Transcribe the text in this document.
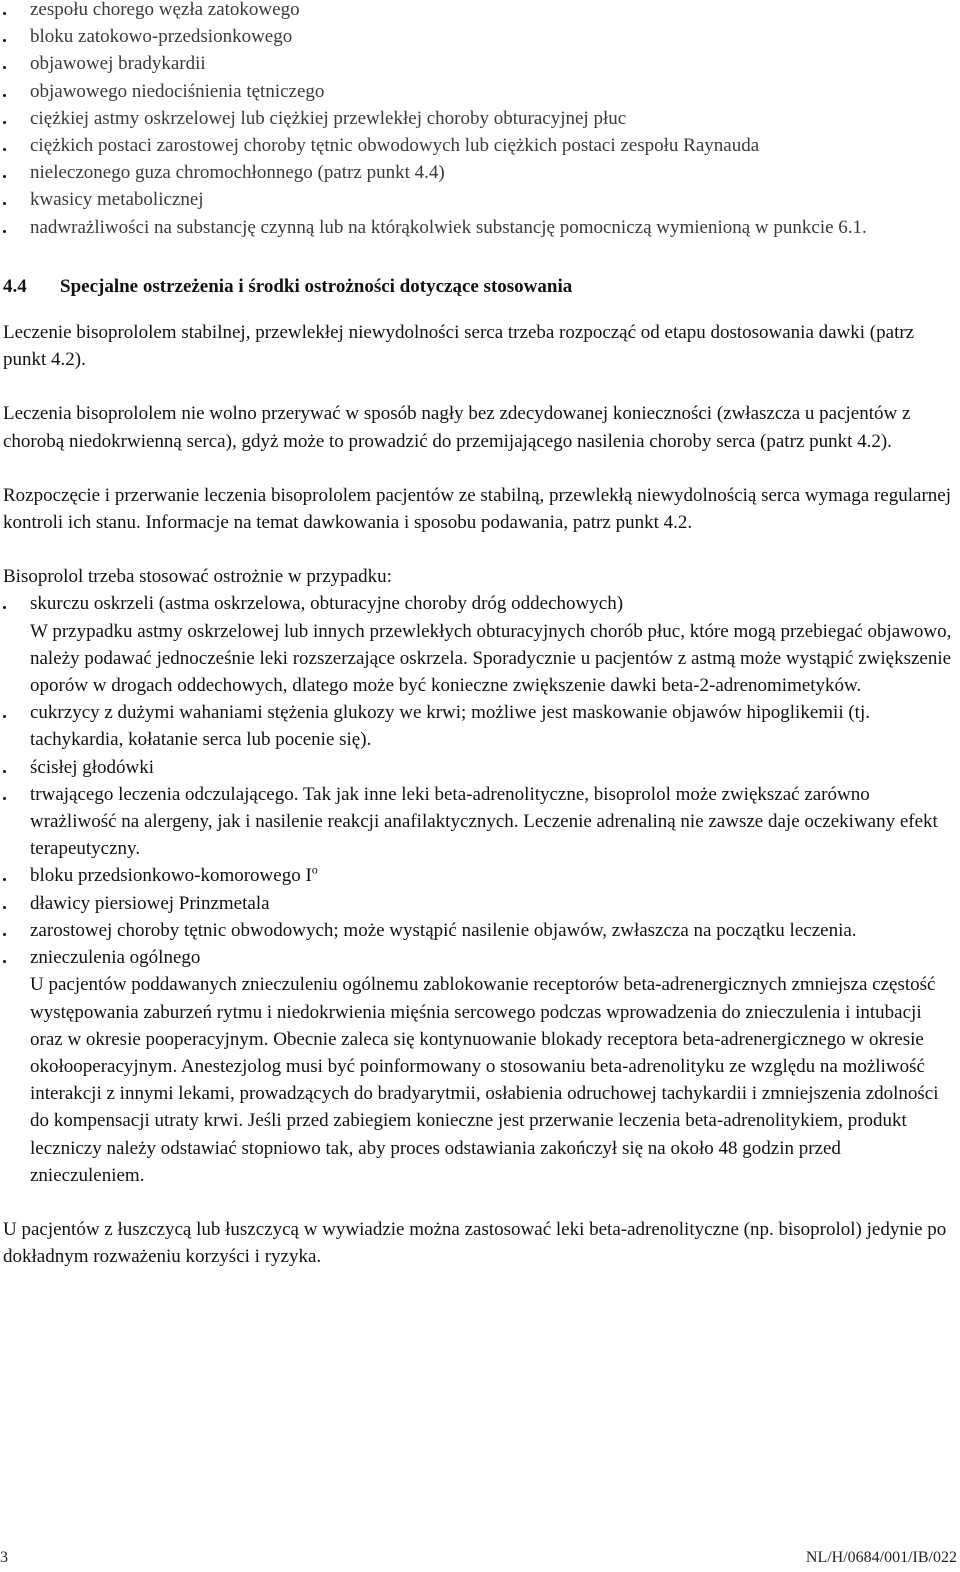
zespołu chorego węzła zatokowego
bloku zatokowo-przedsionkowego
objawowej bradykardii
objawowego niedociśnienia tętniczego
ciężkiej astmy oskrzelowej lub ciężkiej przewlekłej choroby obturacyjnej płuc
ciężkich postaci zarostowej choroby tętnic obwodowych lub ciężkich postaci zespołu Raynauda
nieleczonego guza chromochłonnego (patrz punkt 4.4)
kwasicy metabolicznej
nadwrażliwości na substancję czynną lub na którąkolwiek substancję pomocniczą wymienioną w punkcie 6.1.
4.4	Specjalne ostrzeżenia i środki ostrożności dotyczące stosowania

Leczenie bisoprololem stabilnej, przewlekłej niewydolności serca trzeba rozpocząć od etapu dostosowania dawki (patrz punkt 4.2).

Leczenia bisoprololem nie wolno przerywać w sposób nagły bez zdecydowanej konieczności (zwłaszcza u pacjentów z chorobą niedokrwienną serca), gdyż może to prowadzić do przemijającego nasilenia choroby serca (patrz punkt 4.2).

Rozpoczęcie i przerwanie leczenia bisoprololem pacjentów ze stabilną, przewlekłą niewydolnością serca wymaga regularnej kontroli ich stanu. Informacje na temat dawkowania i sposobu podawania, patrz punkt 4.2.

Bisoprolol trzeba stosować ostrożnie w przypadku:

skurczu oskrzeli (astma oskrzelowa, obturacyjne choroby dróg oddechowych)
W przypadku astmy oskrzelowej lub innych przewlekłych obturacyjnych chorób płuc, które mogą przebiegać objawowo, należy podawać jednocześnie leki rozszerzające oskrzela. Sporadycznie u pacjentów z astmą może wystąpić zwiększenie oporów w drogach oddechowych, dlatego może być konieczne zwiększenie dawki beta-2-adrenomimetyków.
cukrzycy z dużymi wahaniami stężenia glukozy we krwi; możliwe jest maskowanie objawów hipoglikemii (tj. tachykardia, kołatanie serca lub pocenie się).
ścisłej głodówki
trwającego leczenia odczulającego. Tak jak inne leki beta-adrenolityczne, bisoprolol może zwiększać zarówno wrażliwość na alergeny, jak i nasilenie reakcji anafilaktycznych. Leczenie adrenaliną nie zawsze daje oczekiwany efekt terapeutyczny.
bloku przedsionkowo-komorowego $I^o$
dławicy piersiowej Prinzmetala
zarostowej choroby tętnic obwodowych; może wystąpić nasilenie objawów, zwłaszcza na początku leczenia.
znieczulenia ogólnego
U pacjentów poddawanych znieczuleniu ogólnemu zablokowanie receptorów beta-adrenergicznych zmniejsza częstość występowania zaburzeń rytmu i niedokrwienia mięśnia sercowego podczas wprowadzenia do znieczulenia i intubacji oraz w okresie pooperacyjnym. Obecnie zaleca się kontynuowanie blokady receptora beta-adrenergicznego w okresie okołooperacyjnym. Anestezjolog musi być poinformowany o stosowaniu beta-adrenolityku ze względu na możliwość interakcji z innymi lekami, prowadzących do bradyarytmii, osłabienia odruchowej tachykardii i zmniejszenia zdolności do kompensacji utraty krwi. Jeśli przed zabiegiem konieczne jest przerwanie leczenia beta-adrenolitykiem, produkt leczniczy należy odstawiać stopniowo tak, aby proces odstawiania zakończył się na około 48 godzin przed znieczuleniem.

U pacjentów z łuszczycą lub łuszczycą w wywiadzie można zastosować leki beta-adrenolityczne (np. bisoprolol) jedynie po dokładnym rozważeniu korzyści i ryzyka.

3	NL/H/0684/001/IB/022
